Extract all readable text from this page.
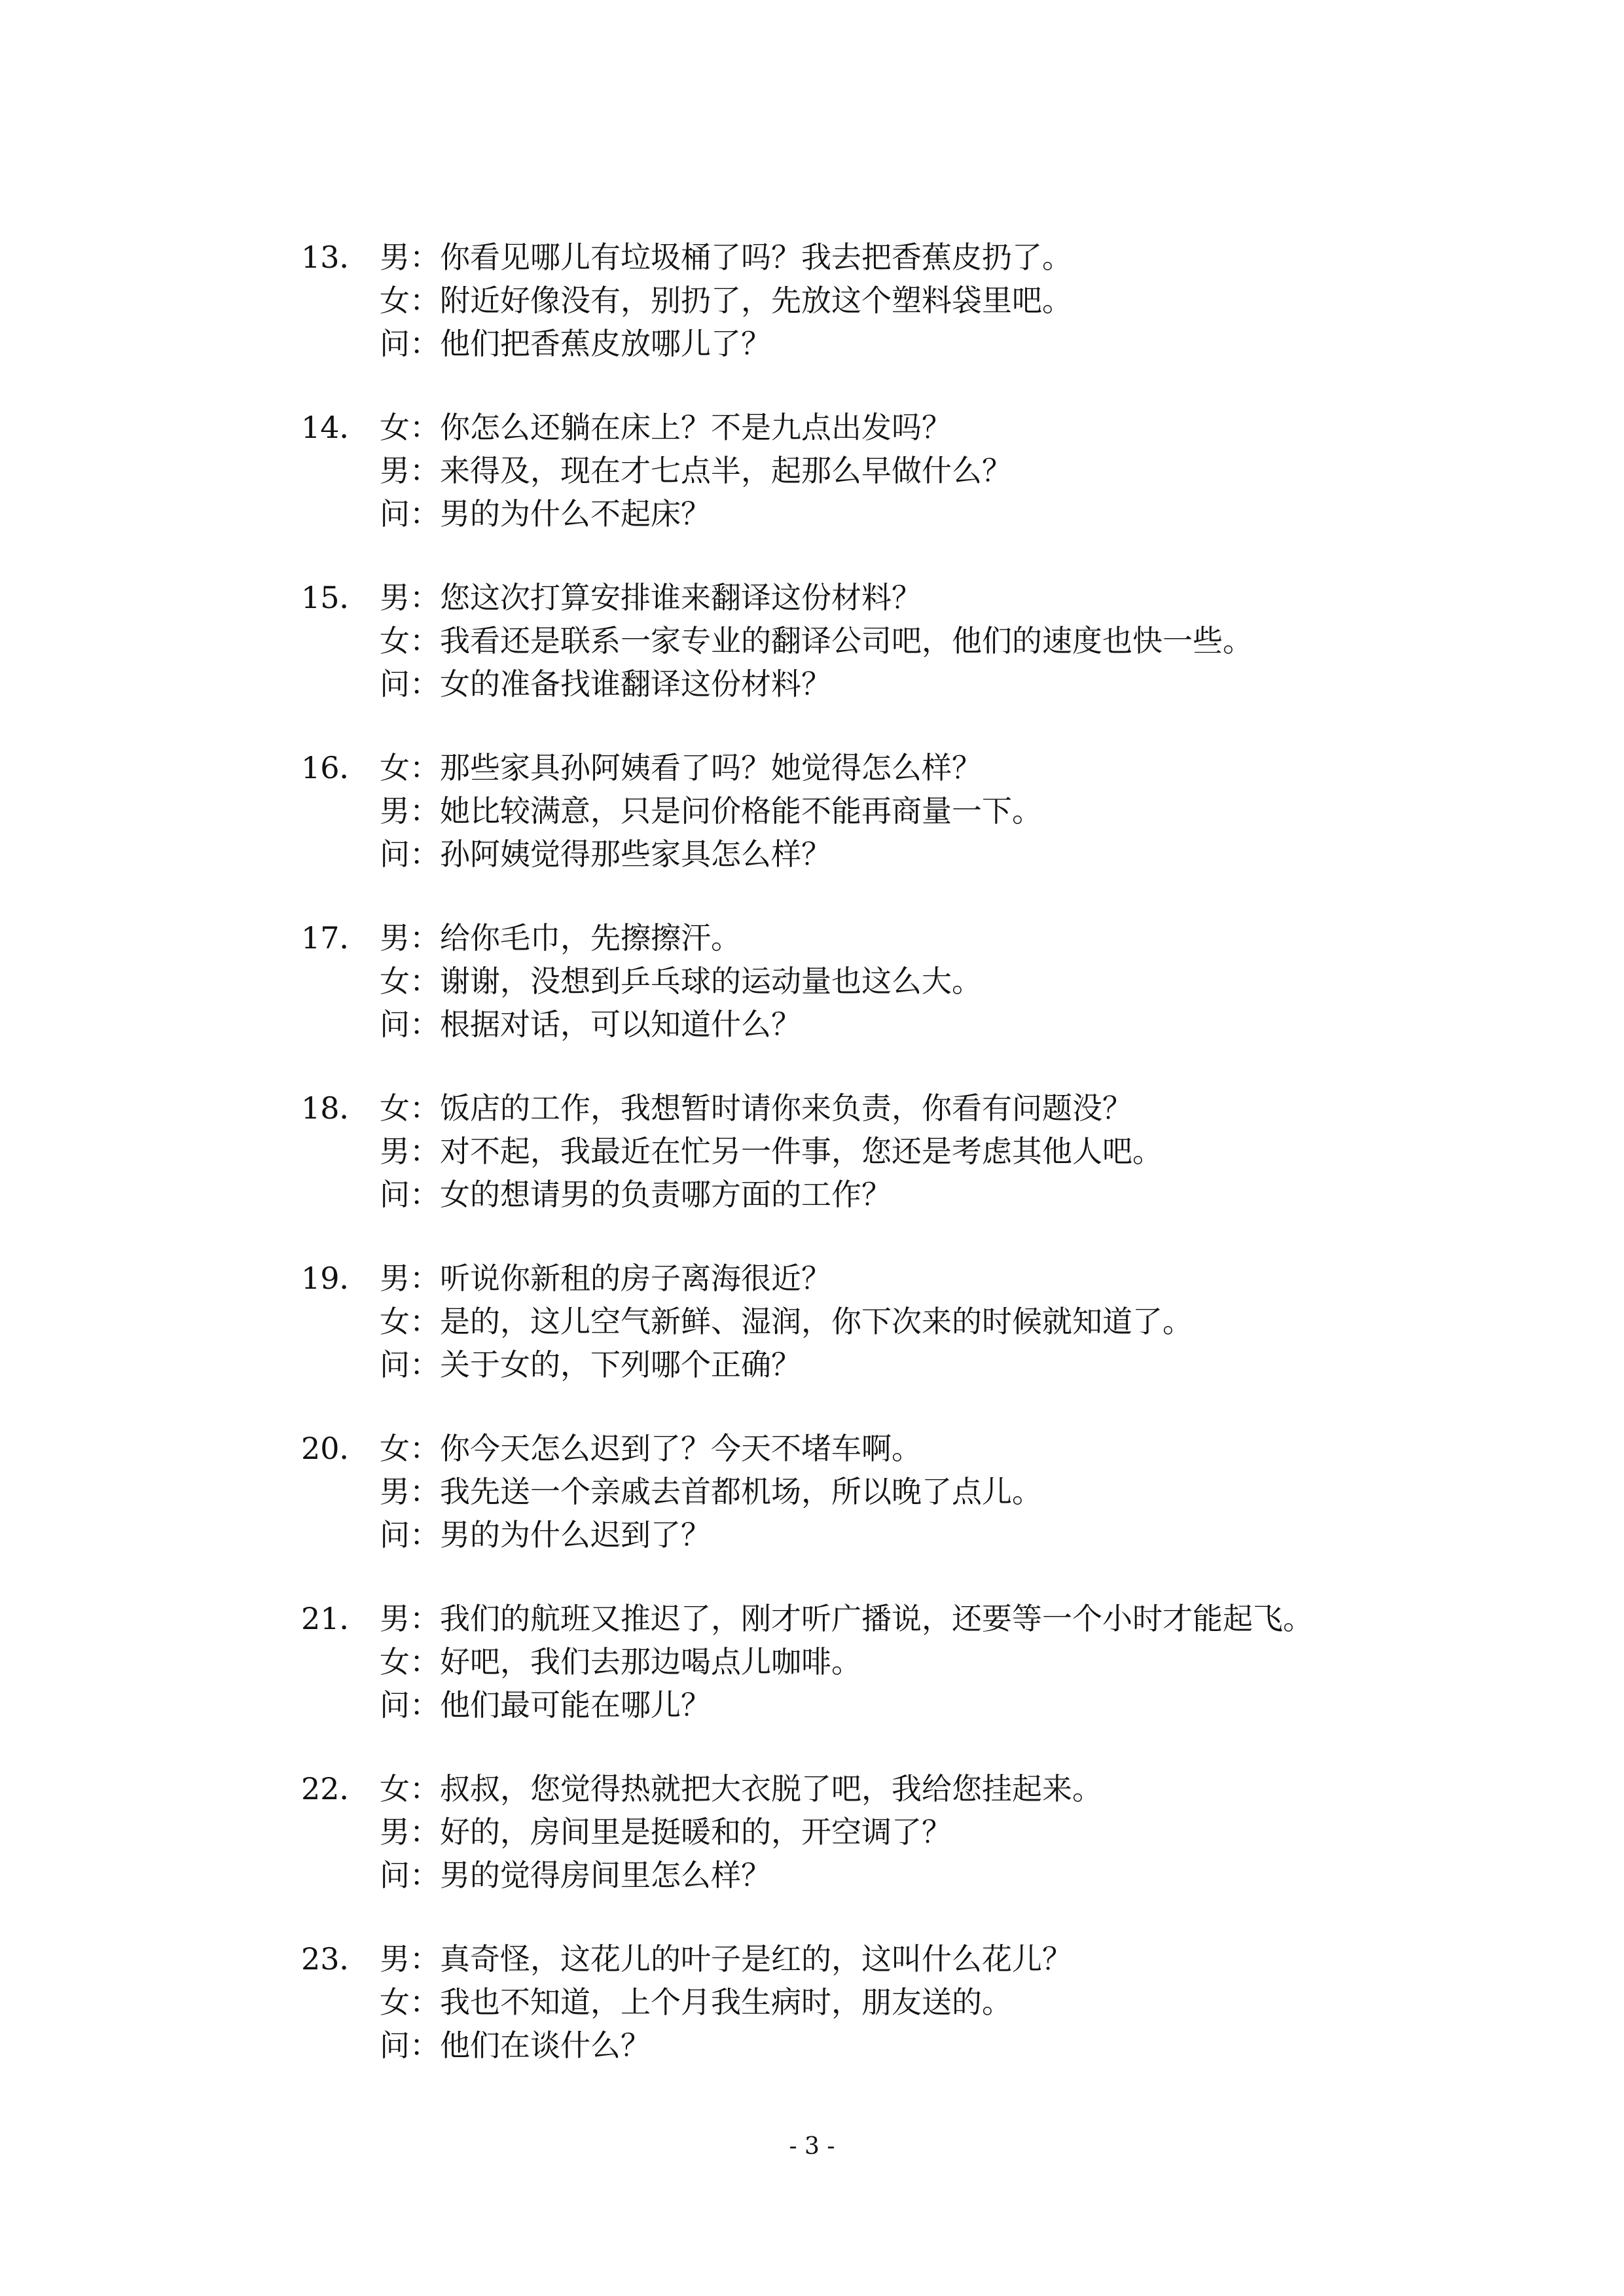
13． 男：你看见哪儿有垃圾桶了吗？我去把香蕉皮扔了。
女：附近好像没有，别扔了，先放这个塑料袋里吧。
问：他们把香蕉皮放哪儿了？
14． 女：你怎么还躺在床上？不是九点出发吗？
男：来得及，现在才七点半，起那么早做什么？
问：男的为什么不起床？
15． 男：您这次打算安排谁来翻译这份材料？
女：我看还是联系一家专业的翻译公司吧，他们的速度也快一些。
问：女的准备找谁翻译这份材料？
16． 女：那些家具孙阿姨看了吗？她觉得怎么样？
男：她比较满意，只是问价格能不能再商量一下。
问：孙阿姨觉得那些家具怎么样？
17． 男：给你毛巾，先擦擦汗。
女：谢谢，没想到乒乓球的运动量也这么大。
问：根据对话，可以知道什么？
18． 女：饭店的工作，我想暂时请你来负责，你看有问题没？
男：对不起，我最近在忙另一件事，您还是考虑其他人吧。
问：女的想请男的负责哪方面的工作？
19． 男：听说你新租的房子离海很近？
女：是的，这儿空气新鲜、湿润，你下次来的时候就知道了。
问：关于女的，下列哪个正确？
20． 女：你今天怎么迟到了？今天不堵车啊。
男：我先送一个亲戚去首都机场，所以晚了点儿。
问：男的为什么迟到了？
21． 男：我们的航班又推迟了，刚才听广播说，还要等一个小时才能起飞。
女：好吧，我们去那边喝点儿咖啡。
问：他们最可能在哪儿？
22． 女：叔叔，您觉得热就把大衣脱了吧，我给您挂起来。
男：好的，房间里是挺暖和的，开空调了？
问：男的觉得房间里怎么样？
23． 男：真奇怪，这花儿的叶子是红的，这叫什么花儿？
女：我也不知道，上个月我生病时，朋友送的。
问：他们在谈什么？
- 3 -
